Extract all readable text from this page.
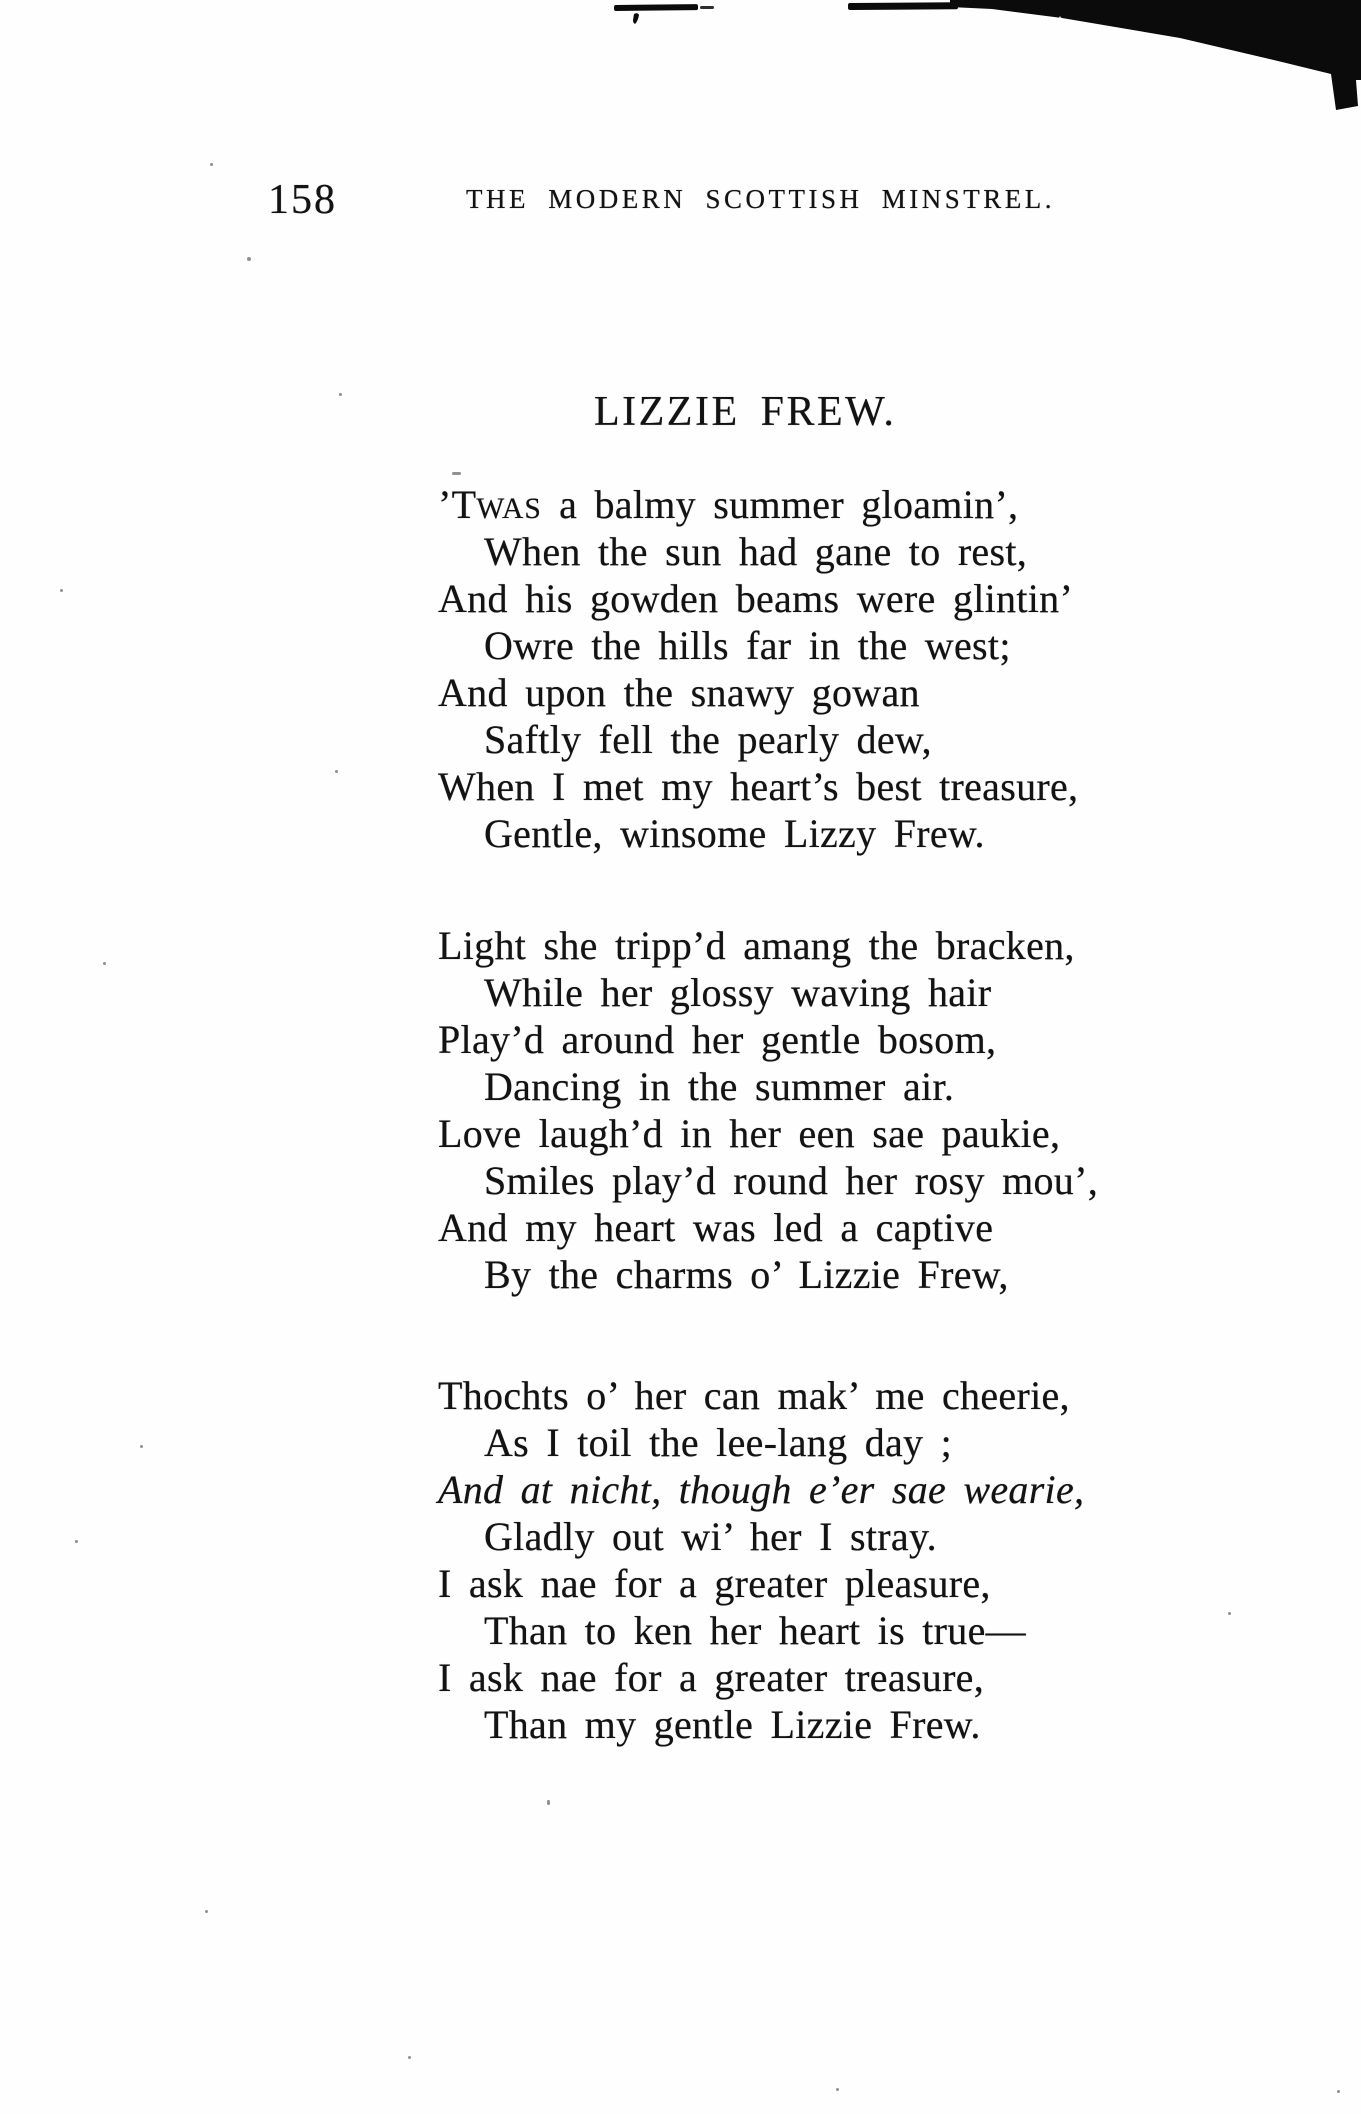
158	THE MODERN SCOTTISH MINSTREL.
LIZZIE FREW.
’TWAS a balmy summer gloamin’,
When the sun had gane to rest,
And his gowden beams were glintin’
Owre the hills far in the west;
And upon the snawy gowan
Saftly fell the pearly dew,
When I met my heart’s best treasure,
Gentle, winsome Lizzy Frew.
Light she tripp’d amang the bracken,
While her glossy waving hair
Play’d around her gentle bosom,
Dancing in the summer air.
Love laugh’d in her een sae paukie,
Smiles play’d round her rosy mou’,
And my heart was led a captive
By the charms o’ Lizzie Frew,
Thochts o’ her can mak’ me cheerie,
As I toil the lee-lang day ;
And at nicht, though e’er sae wearie,
Gladly out wi’ her I stray.
I ask nae for a greater pleasure,
Than to ken her heart is true—
I ask nae for a greater treasure,
Than my gentle Lizzie Frew.
